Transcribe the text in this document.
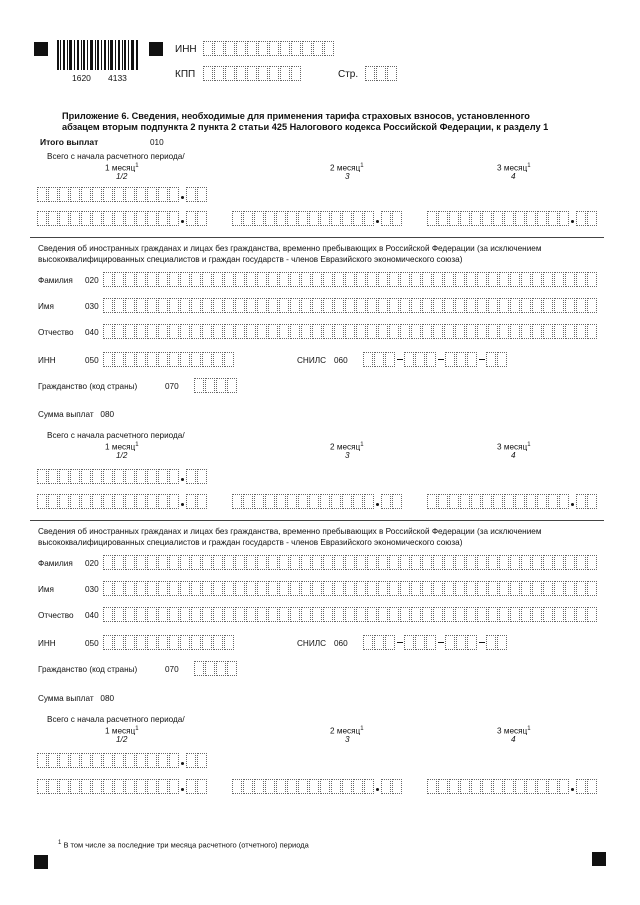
1620 4133
ИНН
КПП	Стр.
Приложение 6. Сведения, необходимые для применения тарифа страховых взносов, установленного
абзацем вторым подпункта 2 пункта 2 статьи 425 Налогового кодекса Российской Федерации, к разделу 1
Итого выплат	010
Всего с начала расчетного периода/
1 месяц$^1$
1/2
2 месяц$^1$
3
3 месяц$^1$
4
Сведения об иностранных гражданах и лицах без гражданства, временно пребывающих в Российской Федерации (за исключением
высококвалифицированных специалистов и граждан государств - членов Евразийского экономического союза)
Фамилия 020
Имя	030
Отчество 040
ИНН	050	СНИЛС 060
Гражданство (код страны)	070
Сумма выплат 080
Всего с начала расчетного периода/
1 месяц$^1$
1/2
2 месяц$^1$
3
3 месяц$^1$
4
Сведения об иностранных гражданах и лицах без гражданства, временно пребывающих в Российской Федерации (за исключением
высококвалифицированных специалистов и граждан государств - членов Евразийского экономического союза)
Фамилия 020
Имя	030
Отчество 040
ИНН	050	СНИЛС 060
Гражданство (код страны)	070
Сумма выплат 080
Всего с начала расчетного периода/
1 месяц$^1$
1/2
2 месяц$^1$
3
3 месяц$^1$
4
$^1$ В том числе за последние три месяца расчетного (отчетного) периода
